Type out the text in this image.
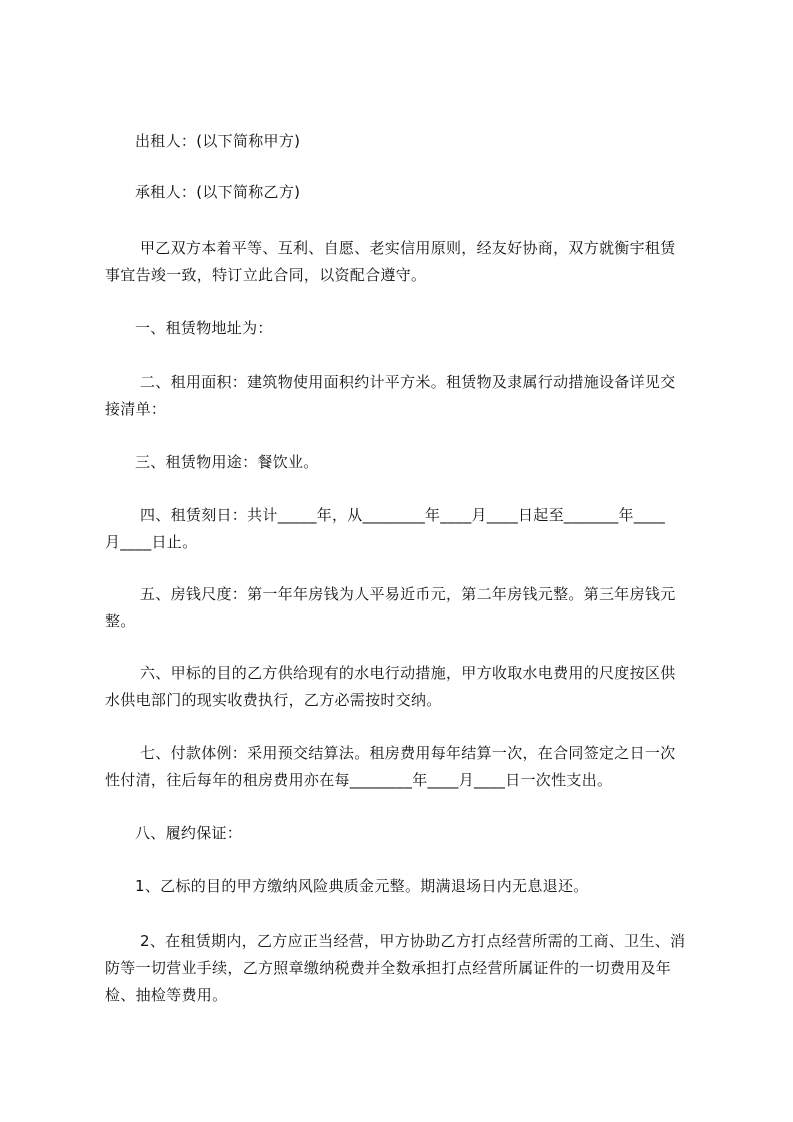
出租人：(以下简称甲方)
承租人：(以下简称乙方)
甲乙双方本着平等、互利、自愿、老实信用原则，经友好协商，双方就衡宇租赁
事宜告竣一致，特订立此合同，以资配合遵守。
一、租赁物地址为：
二、租用面积：建筑物使用面积约计平方米。租赁物及隶属行动措施设备详见交
接清单：
三、租赁物用途：餐饮业。
四、租赁刻日：共计_____年，从________年____月____日起至_______年____
月____日止。
五、房钱尺度：第一年年房钱为人平易近币元，第二年房钱元整。第三年房钱元
整。
六、甲标的目的乙方供给现有的水电行动措施，甲方收取水电费用的尺度按区供
水供电部门的现实收费执行，乙方必需按时交纳。
七、付款体例：采用预交结算法。租房费用每年结算一次，在合同签定之日一次
性付清，往后每年的租房费用亦在每________年____月____日一次性支出。
八、履约保证：
1、乙标的目的甲方缴纳风险典质金元整。期满退场日内无息退还。
2、在租赁期内，乙方应正当经营，甲方协助乙方打点经营所需的工商、卫生、消
防等一切营业手续，乙方照章缴纳税费并全数承担打点经营所属证件的一切费用及年
检、抽检等费用。
